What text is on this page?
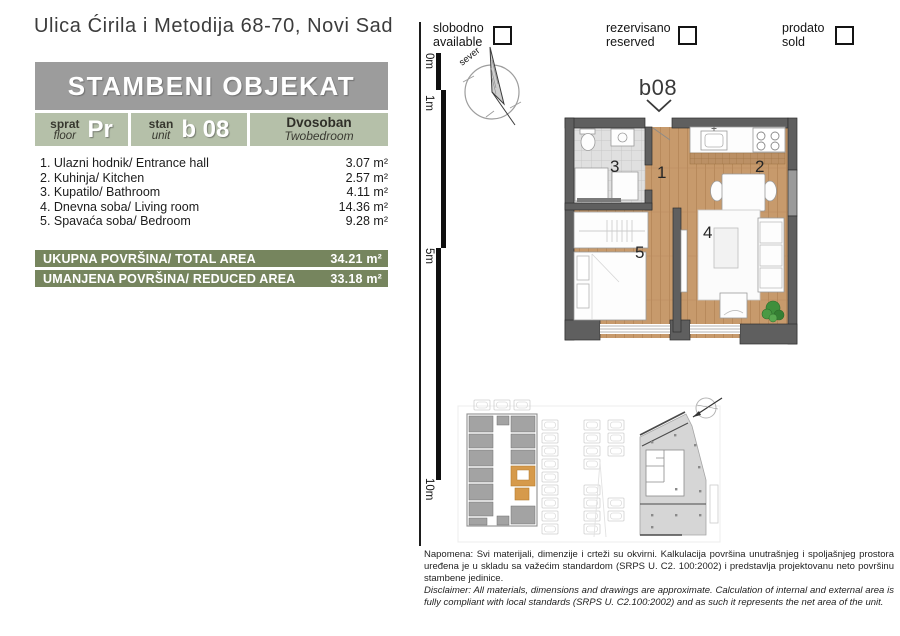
Ulica Ćirila i Metodija 68-70, Novi Sad
STAMBENI OBJEKAT
sprat
floor Pr	stan
unit b 08	Dvosoban
Twobedroom
1. Ulazni hodnik/ Entrance hall	3.07 m²
2. Kuhinja/ Kitchen	2.57 m²
3. Kupatilo/ Bathroom	4.11 m²
4. Dnevna soba/ Living room	14.36 m²
5. Spavaća soba/ Bedroom	9.28 m²
UKUPNA POVRŠINA/ TOTAL AREA	34.21 m²
UMANJENA POVRŠINA/ REDUCED AREA	33.18 m²
0m
1m
5m
10m
slobodno
available
rezervisano
reserved
prodato
sold
sever
b08
3 1	2
4
5

Napomena: Svi materijali, dimenzije i crteži su okvirni. Kalkulacija površina unutrašnjeg i spoljašnjeg prostora uređena je u skladu sa važećim standardom (SRPS U. C2. 100:2002) i predstavlja projektovanu neto površinu stambene jedinice.

Disclaimer: All materials, dimensions and drawings are approximate. Calculation of internal and external area is fully compliant with local standards (SRPS U. C2.100:2002) and as such it represents the net area of the unit.
